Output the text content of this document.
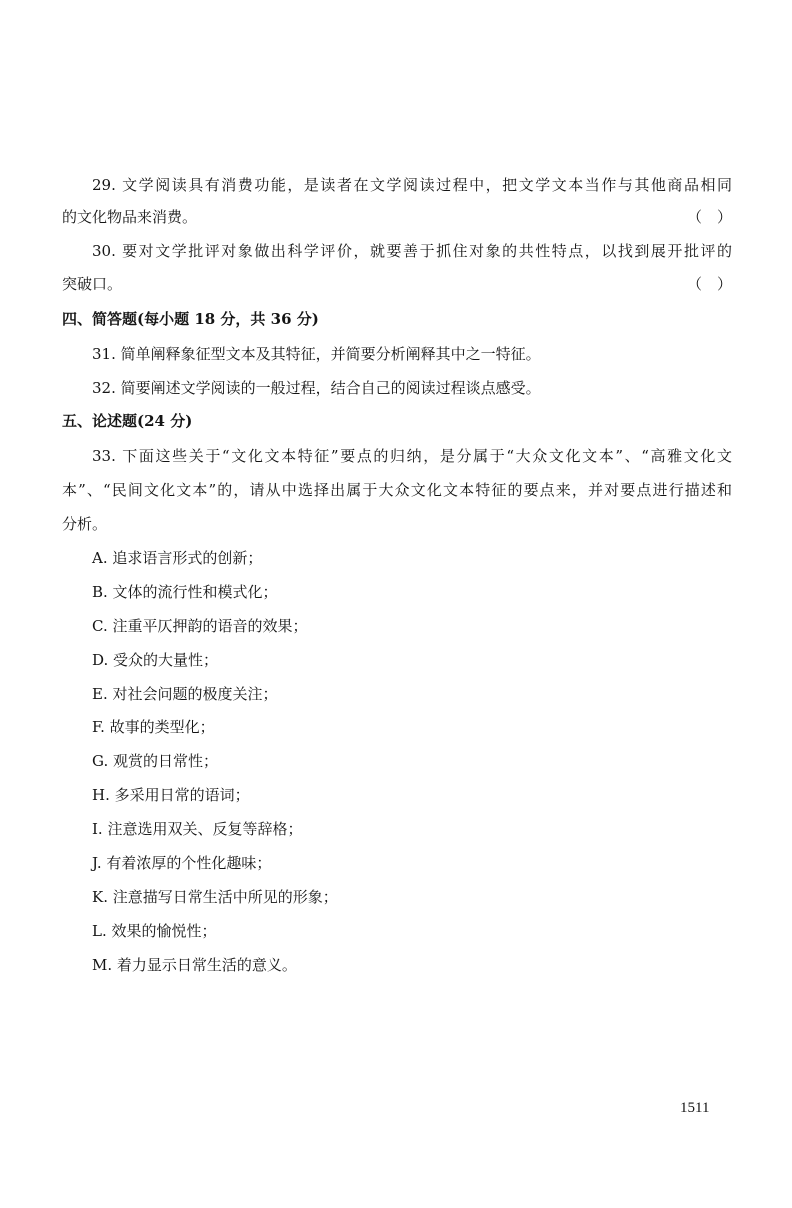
29. 文学阅读具有消费功能，是读者在文学阅读过程中，把文学文本当作与其他商品相同
的文化物品来消费。	（　）
30. 要对文学批评对象做出科学评价，就要善于抓住对象的共性特点，以找到展开批评的
突破口。	（　）
四、简答题(每小题 18 分，共 36 分)
31. 简单阐释象征型文本及其特征，并简要分析阐释其中之一特征。
32. 简要阐述文学阅读的一般过程，结合自己的阅读过程谈点感受。
五、论述题(24 分)
33. 下面这些关于“文化文本特征”要点的归纳，是分属于“大众文化文本”、“高雅文化文
本”、“民间文化文本”的，请从中选择出属于大众文化文本特征的要点来，并对要点进行描述和
分析。
A. 追求语言形式的创新；
B. 文体的流行性和模式化；
C. 注重平仄押韵的语音的效果；
D. 受众的大量性；
E. 对社会问题的极度关注；
F. 故事的类型化；
G. 观赏的日常性；
H. 多采用日常的语词；
I. 注意选用双关、反复等辞格；
J. 有着浓厚的个性化趣味；
K. 注意描写日常生活中所见的形象；
L. 效果的愉悦性；
M. 着力显示日常生活的意义。
1511
